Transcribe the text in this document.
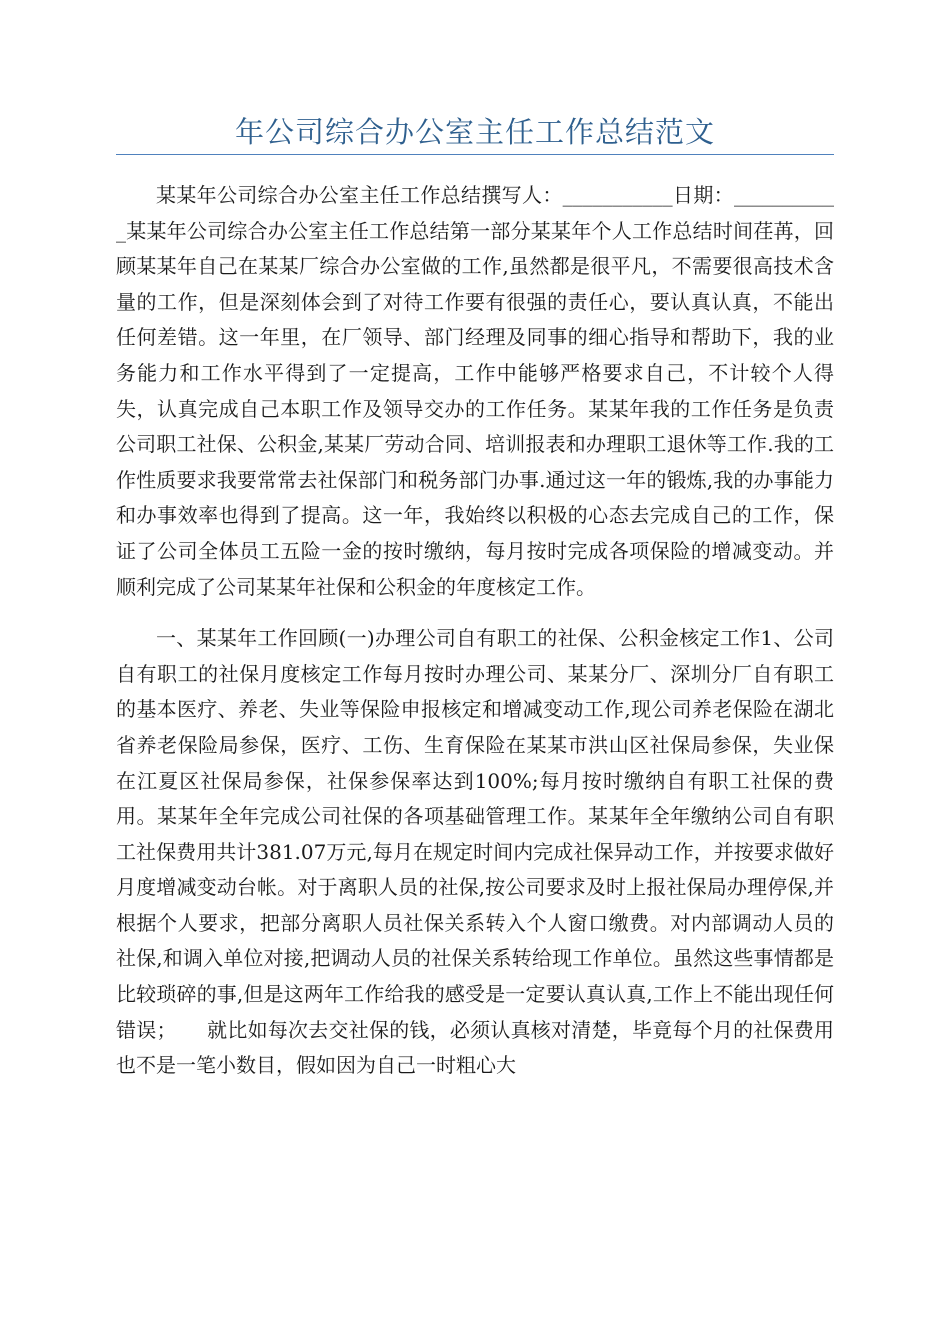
年公司综合办公室主任工作总结范文

某某年公司综合办公室主任工作总结撰写人：___________日期：___________某某年公司综合办公室主任工作总结第一部分某某年个人工作总结时间荏苒，回顾某某年自己在某某厂综合办公室做的工作,虽然都是很平凡，不需要很高技术含量的工作，但是深刻体会到了对待工作要有很强的责任心，要认真认真，不能出任何差错。这一年里，在厂领导、部门经理及同事的细心指导和帮助下，我的业务能力和工作水平得到了一定提高，工作中能够严格要求自己，不计较个人得失，认真完成自己本职工作及领导交办的工作任务。某某年我的工作任务是负责公司职工社保、公积金,某某厂劳动合同、培训报表和办理职工退休等工作.我的工作性质要求我要常常去社保部门和税务部门办事.通过这一年的锻炼,我的办事能力和办事效率也得到了提高。这一年，我始终以积极的心态去完成自己的工作，保证了公司全体员工五险一金的按时缴纳，每月按时完成各项保险的增减变动。并顺利完成了公司某某年社保和公积金的年度核定工作。

一、某某年工作回顾(一)办理公司自有职工的社保、公积金核定工作1、公司自有职工的社保月度核定工作每月按时办理公司、某某分厂、深圳分厂自有职工的基本医疗、养老、失业等保险申报核定和增减变动工作,现公司养老保险在湖北省养老保险局参保，医疗、工伤、生育保险在某某市洪山区社保局参保，失业保在江夏区社保局参保，社保参保率达到100%;每月按时缴纳自有职工社保的费用。某某年全年完成公司社保的各项基础管理工作。某某年全年缴纳公司自有职工社保费用共计381.07万元,每月在规定时间内完成社保异动工作，并按要求做好月度增减变动台帐。对于离职人员的社保,按公司要求及时上报社保局办理停保,并根据个人要求，把部分离职人员社保关系转入个人窗口缴费。对内部调动人员的社保,和调入单位对接,把调动人员的社保关系转给现工作单位。虽然这些事情都是比较琐碎的事,但是这两年工作给我的感受是一定要认真认真,工作上不能出现任何错误；　　就比如每次去交社保的钱，必须认真核对清楚，毕竟每个月的社保费用也不是一笔小数目，假如因为自己一时粗心大
